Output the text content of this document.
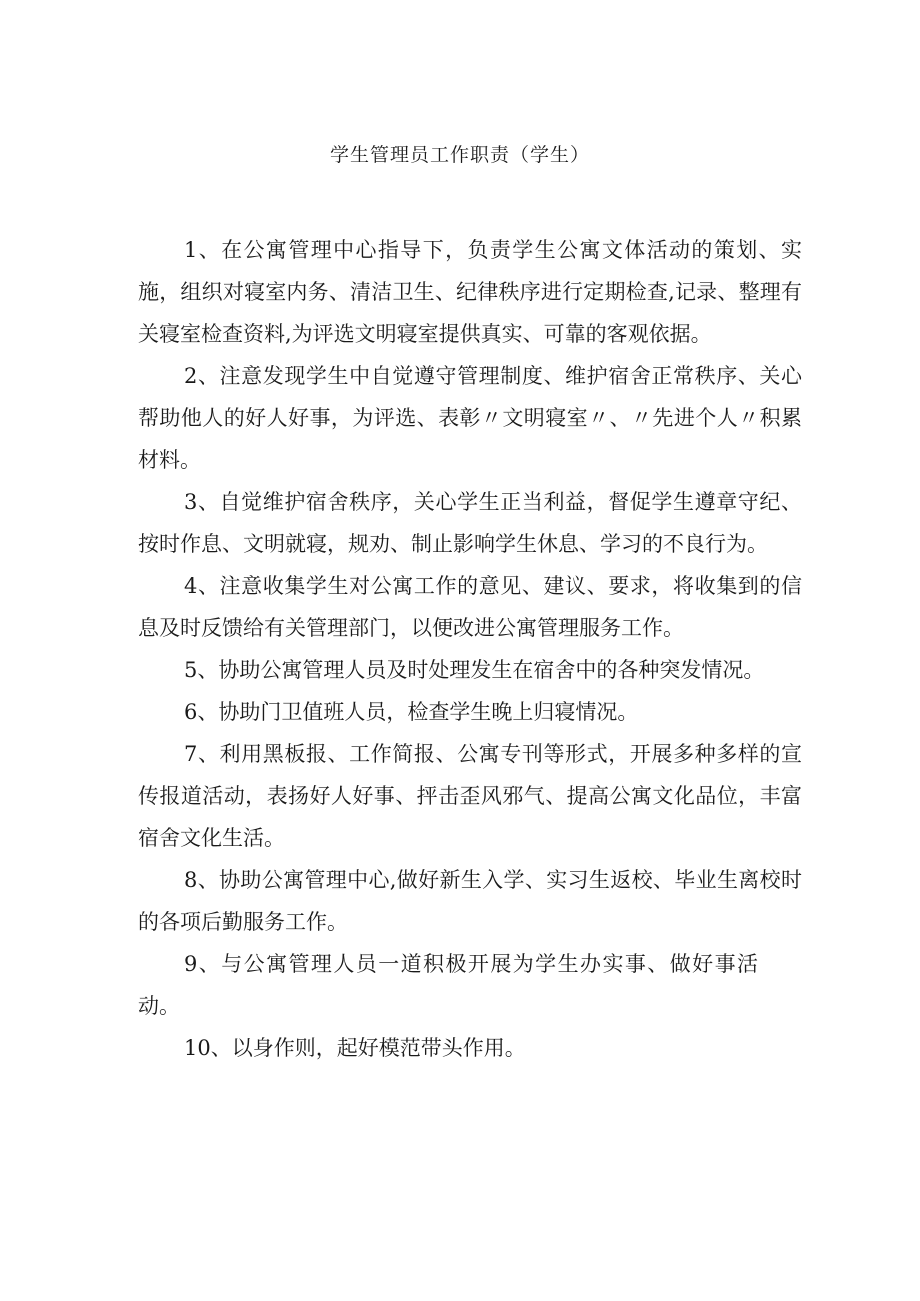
学生管理员工作职责（学生）

1、在公寓管理中心指导下，负责学生公寓文体活动的策划、实施，组织对寝室内务、清洁卫生、纪律秩序进行定期检查,记录、整理有关寝室检查资料,为评选文明寝室提供真实、可靠的客观依据。

2、注意发现学生中自觉遵守管理制度、维护宿舍正常秩序、关心帮助他人的好人好事，为评选、表彰〃文明寝室〃、〃先进个人〃积累材料。

3、自觉维护宿舍秩序，关心学生正当利益，督促学生遵章守纪、按时作息、文明就寝，规劝、制止影响学生休息、学习的不良行为。

4、注意收集学生对公寓工作的意见、建议、要求，将收集到的信息及时反馈给有关管理部门，以便改进公寓管理服务工作。

5、协助公寓管理人员及时处理发生在宿舍中的各种突发情况。

6、协助门卫值班人员，检查学生晚上归寝情况。

7、利用黑板报、工作简报、公寓专刊等形式，开展多种多样的宣传报道活动，表扬好人好事、抨击歪风邪气、提高公寓文化品位，丰富宿舍文化生活。

8、协助公寓管理中心,做好新生入学、实习生返校、毕业生离校时的各项后勤服务工作。

9、与公寓管理人员一道积极开展为学生办实事、做好事活动。

10、以身作则，起好模范带头作用。
